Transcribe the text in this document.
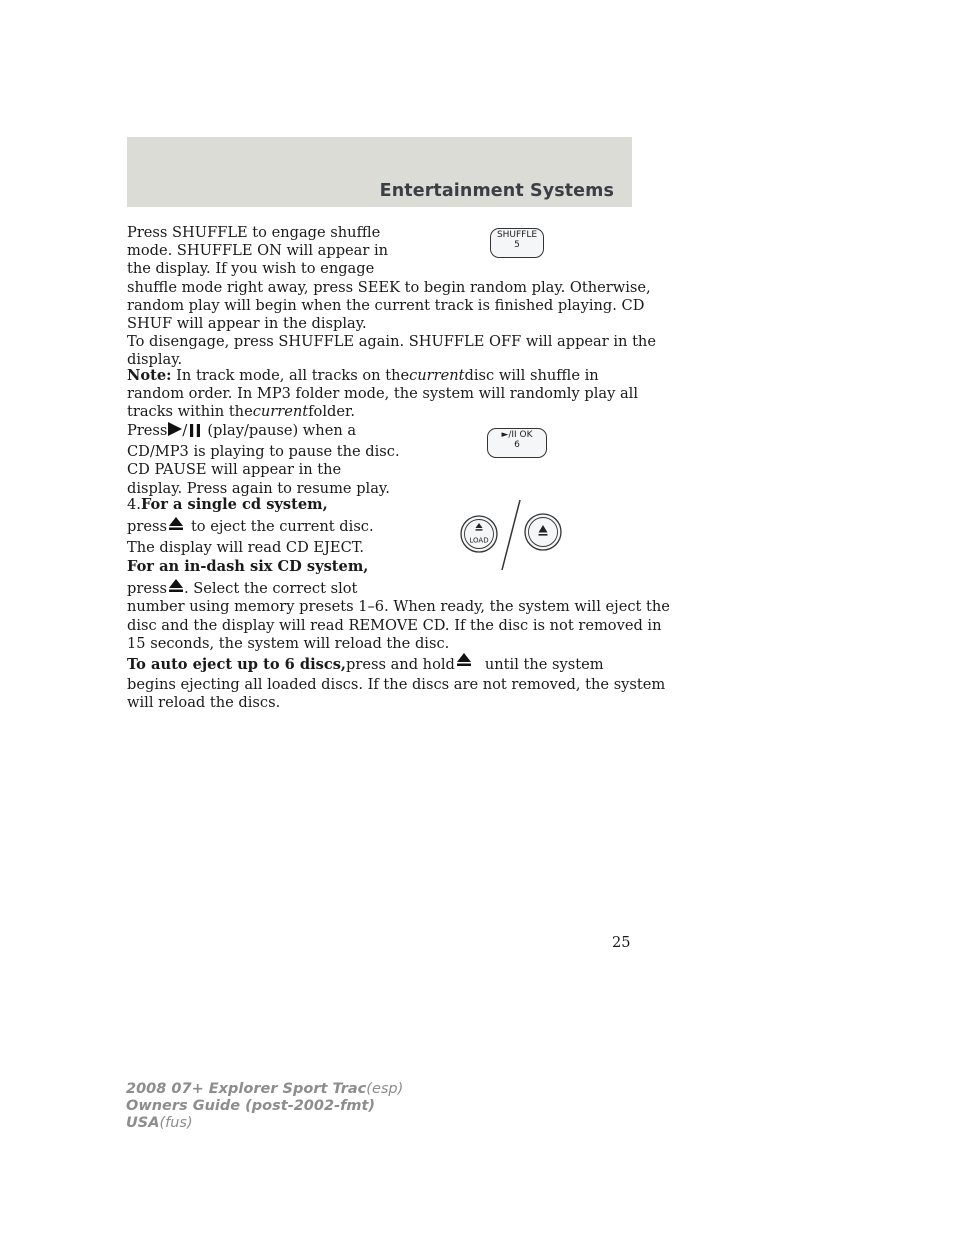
Entertainment Systems
SHUFFLE
5
►/II OK
6
LOAD

Press SHUFFLE to engage shuffle

mode. SHUFFLE ON will appear in

the display. If you wish to engage

shuffle mode right away, press SEEK to begin random play. Otherwise,

random play will begin when the current track is finished playing. CD

SHUF will appear in the display.

To disengage, press SHUFFLE again. SHUFFLE OFF will appear in the

display.

Note: In track mode, all tracks on thecurrentdisc will shuffle in

random order. In MP3 folder mode, the system will randomly play all

tracks within thecurrentfolder.

Press / (play/pause) when a

CD/MP3 is playing to pause the disc.

CD PAUSE will appear in the

display. Press again to resume play.

4.For a single cd system,

press to eject the current disc.

The display will read CD EJECT.

For an in-dash six CD system,

press . Select the correct slot

number using memory presets 1–6. When ready, the system will eject the

disc and the display will read REMOVE CD. If the disc is not removed in

15 seconds, the system will reload the disc.

To auto eject up to 6 discs,press and hold until the system

begins ejecting all loaded discs. If the discs are not removed, the system

will reload the discs.

25
2008 07+ Explorer Sport Trac(esp)
Owners Guide (post-2002-fmt)
USA(fus)
